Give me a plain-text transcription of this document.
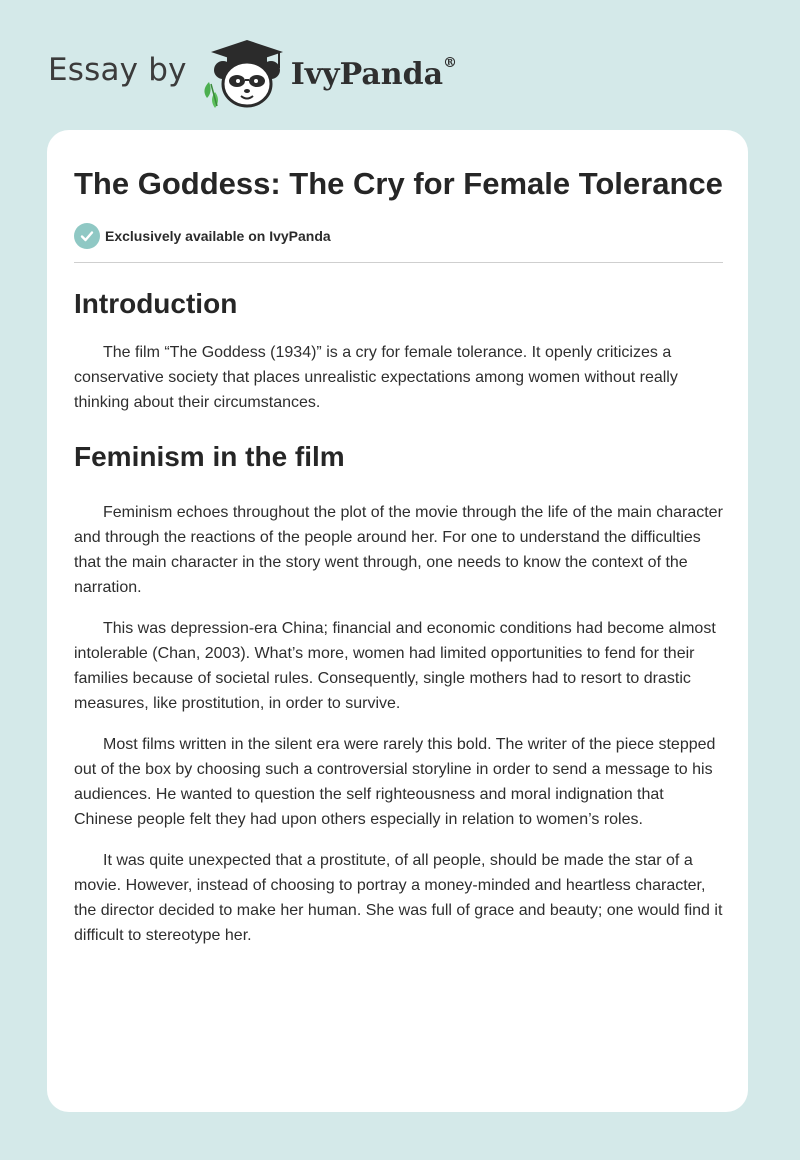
Essay by	IvyPanda®
The Goddess: The Cry for Female Tolerance
Exclusively available on IvyPanda
Introduction

The film “The Goddess (1934)” is a cry for female tolerance. It openly criticizes a conservative society that places unrealistic expectations among women without really thinking about their circumstances.

Feminism in the film

Feminism echoes throughout the plot of the movie through the life of the main character and through the reactions of the people around her. For one to understand the difficulties that the main character in the story went through, one needs to know the context of the narration.

This was depression-era China; financial and economic conditions had become almost intolerable (Chan, 2003). What’s more, women had limited opportunities to fend for their families because of societal rules. Consequently, single mothers had to resort to drastic measures, like prostitution, in order to survive.

Most films written in the silent era were rarely this bold. The writer of the piece stepped out of the box by choosing such a controversial storyline in order to send a message to his audiences. He wanted to question the self righteousness and moral indignation that Chinese people felt they had upon others especially in relation to women’s roles.

It was quite unexpected that a prostitute, of all people, should be made the star of a movie. However, instead of choosing to portray a money-minded and heartless character, the director decided to make her human. She was full of grace and beauty; one would find it difficult to stereotype her.
